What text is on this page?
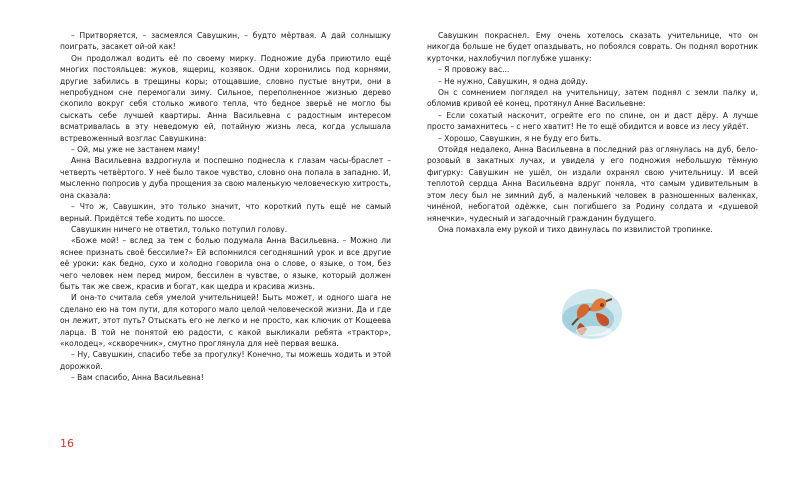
– Притворяется, – засмеялся Савушкин, – будто мёртвая. А дай солнышку поиграть, засакет ой-ой как!

Он продолжал водить её по своему мирку. Подножие дуба приютило ещё многих постояльцев: жуков, ящериц, козявок. Одни хоронились под корнями, другие забились в трещины коры; отощавшие, словно пустые внутри, они в непробудном сне перемогали зиму. Сильное, переполненное жизнью дерево скопило вокруг себя столько живого тепла, что бедное зверьё не могло бы сыскать себе лучшей квартиры. Анна Васильевна с радостным интересом всматривалась в эту неведомую ей, потайную жизнь леса, когда услышала встревоженный возглас Савушкина:

– Ой, мы уже не застанем маму!

Анна Васильевна вздрогнула и поспешно поднесла к глазам часы-браслет – четверть четвёртого. У неё было такое чувство, словно она попала в западню. И, мысленно попросив у дуба прощения за свою маленькую человеческую хитрость, она сказала:

– Что ж, Савушкин, это только значит, что короткий путь ещё не самый верный. Придётся тебе ходить по шоссе.

Савушкин ничего не ответил, только потупил голову.

«Боже мой! – вслед за тем с болью подумала Анна Васильевна. – Можно ли яснее признать своё бессилие?» Ей вспомнился сегодняшний урок и все другие её уроки: как бедно, сухо и холодно говорила она о слове, о языке, о том, без чего человек нем перед миром, бессилен в чувстве, о языке, который должен быть так же свеж, красив и богат, как щедра и красива жизнь.

И она-то считала себя умелой учительницей! Быть может, и одного шага не сделано ею на том пути, для которого мало целой человеческой жизни. Да и где он лежит, этот путь? Отыскать его не легко и не просто, как ключик от Кощеева ларца. В той не понятой ею радости, с какой выкликали ребята «трактор», «колодец», «скворечник», смутно проглянула для неё первая вешка.

– Ну, Савушкин, спасибо тебе за прогулку! Конечно, ты можешь ходить и этой дорожкой.

– Вам спасибо, Анна Васильевна!

Савушкин покраснел. Ему очень хотелось сказать учительнице, что он никогда больше не будет опаздывать, но побоялся соврать. Он поднял воротник курточки, нахлобучил поглубже ушанку:

– Я провожу вас...

– Не нужно, Савушкин, я одна дойду.

Он с сомнением поглядел на учительницу, затем поднял с земли палку и, обломив кривой её конец, протянул Анне Васильевне:

– Если сохатый наскочит, огрейте его по спине, он и даст дёру. А лучше просто замахнитесь – с него хватит! Не то ещё обидится и вовсе из лесу уйдёт.

– Хорошо, Савушкин, я не буду его бить.

Отойдя недалеко, Анна Васильевна в последний раз оглянулась на дуб, бело-розовый в закатных лучах, и увидела у его подножия небольшую тёмную фигурку: Савушкин не ушёл, он издали охранял свою учительницу. И всей теплотой сердца Анна Васильевна вдруг поняла, что самым удивительным в этом лесу был не зимний дуб, а маленький человек в разношенных валенках, чинёной, небогатой одёжке, сын погибшего за Родину солдата и «душевой нянечки», чудесный и загадочный гражданин будущего.

Она помахала ему рукой и тихо двинулась по извилистой тропинке.

16
